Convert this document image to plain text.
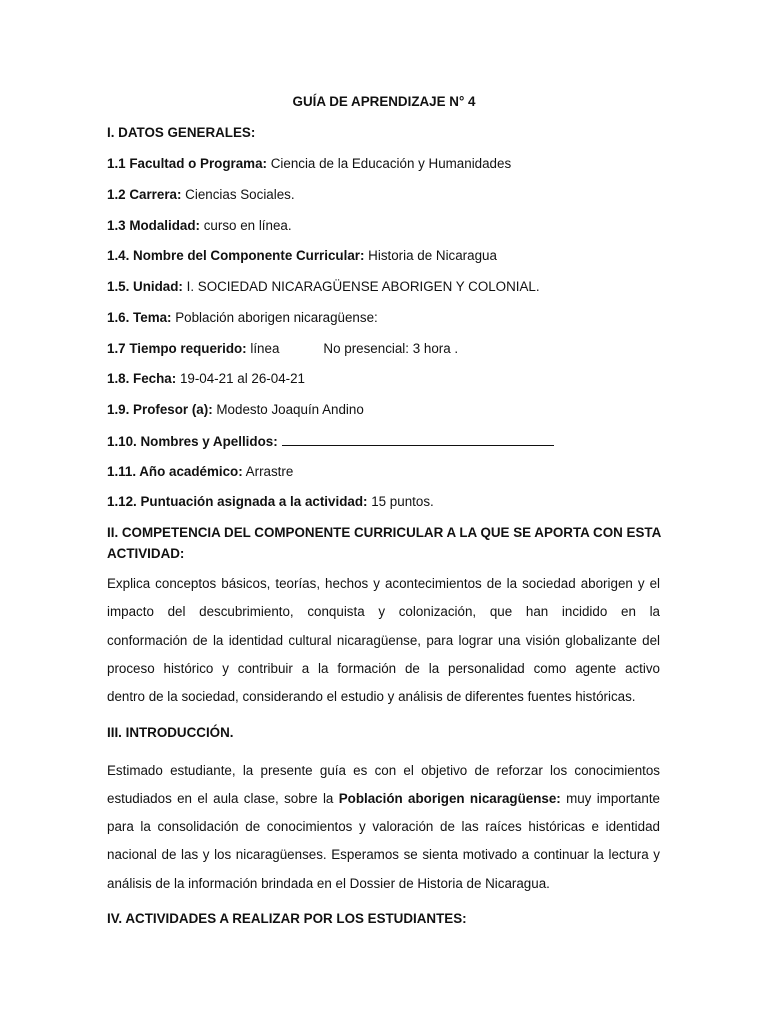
GUÍA DE APRENDIZAJE N° 4
I. DATOS GENERALES:
1.1 Facultad o Programa: Ciencia de la Educación y Humanidades
1.2 Carrera: Ciencias Sociales.
1.3 Modalidad: curso en línea.
1.4. Nombre del Componente Curricular: Historia de Nicaragua
1.5. Unidad: I. SOCIEDAD NICARAGÜENSE ABORIGEN Y COLONIAL.
1.6. Tema: Población aborigen nicaragüense:
1.7 Tiempo requerido: línea	No presencial: 3 hora .
1.8. Fecha: 19-04-21 al 26-04-21
1.9. Profesor (a): Modesto Joaquín Andino
1.10. Nombres y Apellidos:
1.11. Año académico: Arrastre
1.12. Puntuación asignada a la actividad: 15 puntos.
II. COMPETENCIA DEL COMPONENTE CURRICULAR A LA QUE SE APORTA CON ESTA
ACTIVIDAD:
Explica conceptos básicos, teorías, hechos y acontecimientos de la sociedad aborigen y el
impacto del descubrimiento, conquista y colonización, que han incidido en la
conformación de la identidad cultural nicaragüense, para lograr una visión globalizante del
proceso histórico y contribuir a la formación de la personalidad como agente activo
dentro de la sociedad, considerando el estudio y análisis de diferentes fuentes históricas.
III. INTRODUCCIÓN.
Estimado estudiante, la presente guía es con el objetivo de reforzar los conocimientos
estudiados en el aula clase, sobre la Población aborigen nicaragüense: muy importante
para la consolidación de conocimientos y valoración de las raíces históricas e identidad
nacional de las y los nicaragüenses. Esperamos se sienta motivado a continuar la lectura y
análisis de la información brindada en el Dossier de Historia de Nicaragua.
IV. ACTIVIDADES A REALIZAR POR LOS ESTUDIANTES:
